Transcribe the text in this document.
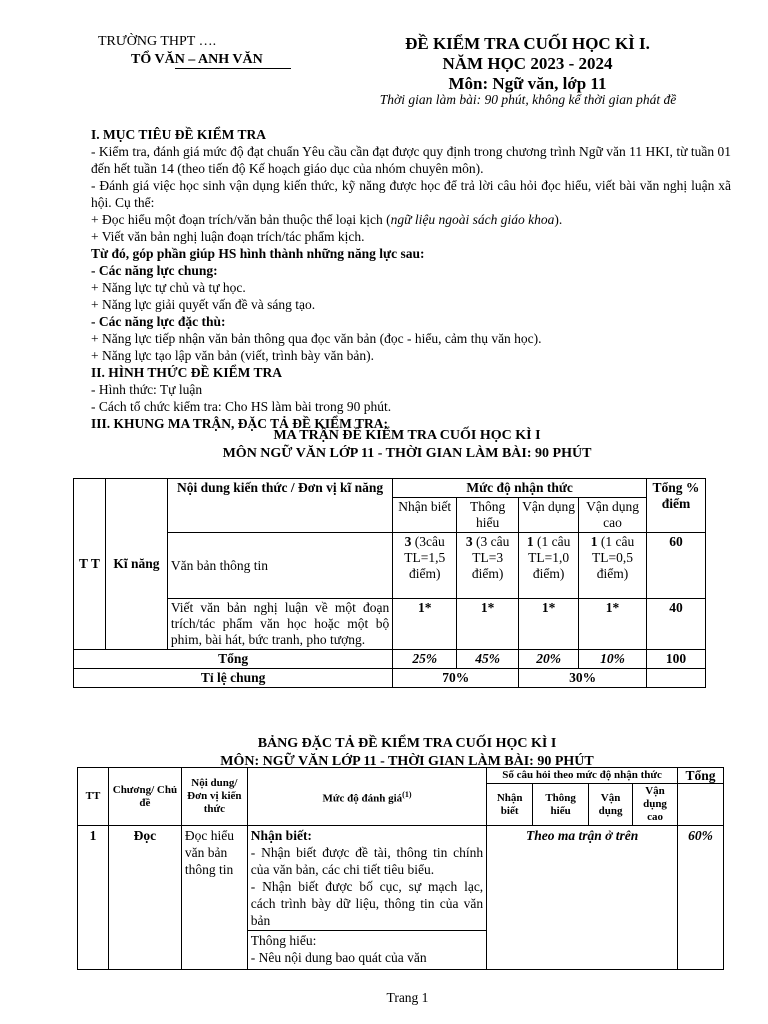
TRƯỜNG THPT ….
TỔ VĂN – ANH VĂN
ĐỀ KIỂM TRA CUỐI HỌC KÌ I.
NĂM HỌC 2023 - 2024
Môn: Ngữ văn, lớp 11
Thời gian làm bài: 90 phút, không kể thời gian phát đề

I. MỤC TIÊU ĐỀ KIỂM TRA

- Kiểm tra, đánh giá mức độ đạt chuẩn Yêu cầu cần đạt được quy định trong chương trình Ngữ văn 11 HKI, từ tuần 01 đến hết tuần 14 (theo tiến độ Kế hoạch giáo dục của nhóm chuyên môn).

- Đánh giá việc học sinh vận dụng kiến thức, kỹ năng được học để trả lời câu hỏi đọc hiểu, viết bài văn nghị luận xã hội. Cụ thể:

+ Đọc hiểu một đoạn trích/văn bản thuộc thể loại kịch (ngữ liệu ngoài sách giáo khoa).

+ Viết văn bản nghị luận đoạn trích/tác phẩm kịch.

Từ đó, góp phần giúp HS hình thành những năng lực sau:

- Các năng lực chung:

+ Năng lực tự chủ và tự học.

+ Năng lực giải quyết vấn đề và sáng tạo.

- Các năng lực đặc thù:

+ Năng lực tiếp nhận văn bản thông qua đọc văn bản (đọc - hiểu, cảm thụ văn học).

+ Năng lực tạo lập văn bản (viết, trình bày văn bản).

II. HÌNH THỨC ĐỀ KIỂM TRA

- Hình thức: Tự luận

- Cách tổ chức kiểm tra: Cho HS làm bài trong 90 phút.

III. KHUNG MA TRẬN, ĐẶC TẢ ĐỀ KIỂM TRA:

MA TRẬN ĐỀ KIỂM TRA CUỐI HỌC KÌ I
MÔN NGỮ VĂN LỚP 11 - THỜI GIAN LÀM BÀI: 90 PHÚT
T T	Kĩ năng	Nội dung kiến thức / Đơn vị kĩ năng	Mức độ nhận thức				Tổng % điểm
			Nhận biết	Thông hiểu	Vận dụng	Vận dụng cao	
		Văn bản thông tin	3 (3câu TL=1,5 điểm)	3 (3 câu TL=3 điểm)	1 (1 câu TL=1,0 điểm)	1 (1 câu TL=0,5 điểm)	60
		Viết văn bản nghị luận về một đoạn trích/tác phẩm văn học hoặc một bộ phim, bài hát, bức tranh, pho tượng.	1*	1*	1*	1*	40
Tổng			25%	45%	20%	10%	100
Tỉ lệ chung			70%		30%		
BẢNG ĐẶC TẢ ĐỀ KIỂM TRA CUỐI HỌC KÌ I
MÔN: NGỮ VĂN LỚP 11 - THỜI GIAN LÀM BÀI: 90 PHÚT
TT	Chương/ Chủ đề	Nội dung/Đơn vị kiến thức	Mức độ đánh giá$^{(1)}$	Số câu hỏi theo mức độ nhận thức				Tổng
				Nhận biết	Thông hiểu	Vận dụng	Vận dụng cao	
1	Đọc	Đọc hiểu văn bản thông tin	Nhận biết:
- Nhận biết được đề tài, thông tin chính của văn bản, các chi tiết tiêu biểu.
- Nhận biết được bố cục, sự mạch lạc, cách trình bày dữ liệu, thông tin của văn bản	Theo ma trận ở trên				60%

			Thông hiểu:
- Nêu nội dung bao quát của văn					
Trang 1
